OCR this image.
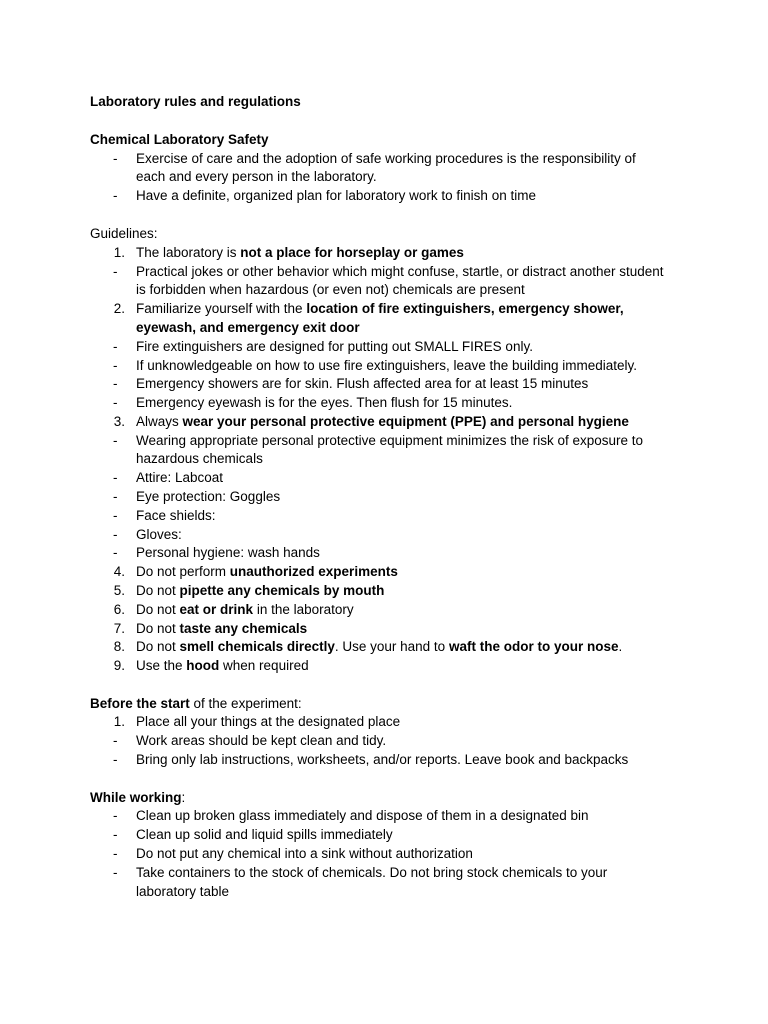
Laboratory rules and regulations
Chemical Laboratory Safety
- Exercise of care and the adoption of safe working procedures is the responsibility of
each and every person in the laboratory.
- Have a definite, organized plan for laboratory work to finish on time
Guidelines:
1. The laboratory is not a place for horseplay or games
- Practical jokes or other behavior which might confuse, startle, or distract another student
is forbidden when hazardous (or even not) chemicals are present
2. Familiarize yourself with the location of fire extinguishers, emergency shower,
eyewash, and emergency exit door
- Fire extinguishers are designed for putting out SMALL FIRES only.
- If unknowledgeable on how to use fire extinguishers, leave the building immediately.
- Emergency showers are for skin. Flush affected area for at least 15 minutes
- Emergency eyewash is for the eyes. Then flush for 15 minutes.
3. Always wear your personal protective equipment (PPE) and personal hygiene
- Wearing appropriate personal protective equipment minimizes the risk of exposure to
hazardous chemicals
- Attire: Labcoat
- Eye protection: Goggles
- Face shields:
- Gloves:
- Personal hygiene: wash hands
4. Do not perform unauthorized experiments
5. Do not pipette any chemicals by mouth
6. Do not eat or drink in the laboratory
7. Do not taste any chemicals
8. Do not smell chemicals directly. Use your hand to waft the odor to your nose.
9. Use the hood when required
Before the start of the experiment:
1. Place all your things at the designated place
- Work areas should be kept clean and tidy.
- Bring only lab instructions, worksheets, and/or reports. Leave book and backpacks
While working:
- Clean up broken glass immediately and dispose of them in a designated bin
- Clean up solid and liquid spills immediately
- Do not put any chemical into a sink without authorization
- Take containers to the stock of chemicals. Do not bring stock chemicals to your
laboratory table
